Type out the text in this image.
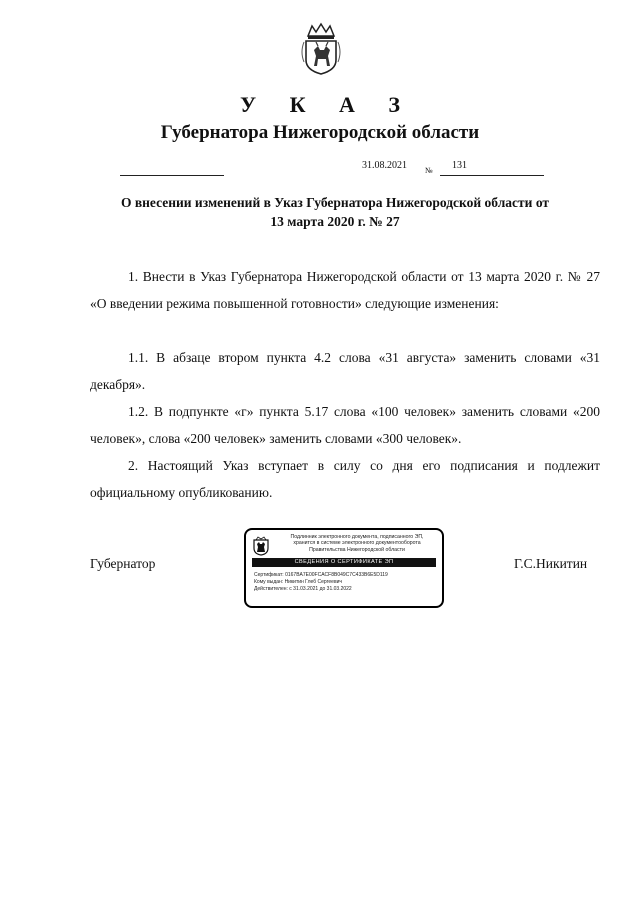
У К А З
Губернатора Нижегородской области
31.08.2021 № 131
О внесении изменений в Указ Губернатора Нижегородской области от 13 марта 2020 г. № 27

1. Внести в Указ Губернатора Нижегородской области от 13 марта 2020 г. № 27 «О введении режима повышенной готовности» следующие изменения:

1.1. В абзаце втором пункта 4.2 слова «31 августа» заменить словами «31 декабря».

1.2. В подпункте «г» пункта 5.17 слова «100 человек» заменить словами «200 человек», слова «200 человек» заменить словами «300 человек».

2. Настоящий Указ вступает в силу со дня его подписания и подлежит официальному опубликованию.

Губернатор	Г.С.Никитин
Подлинник электронного документа, подписанного ЭП,
хранится в системе электронного документооборота
Правительства Нижегородской области
СВЕДЕНИЯ О СЕРТИФИКАТЕ ЭП
Сертификат: 0167BA7E00FCACF8B049C7C433B6E5D119
Кому выдан: Никитин Глеб Сергеевич
Действителен: с 31.03.2021 до 31.03.2022
